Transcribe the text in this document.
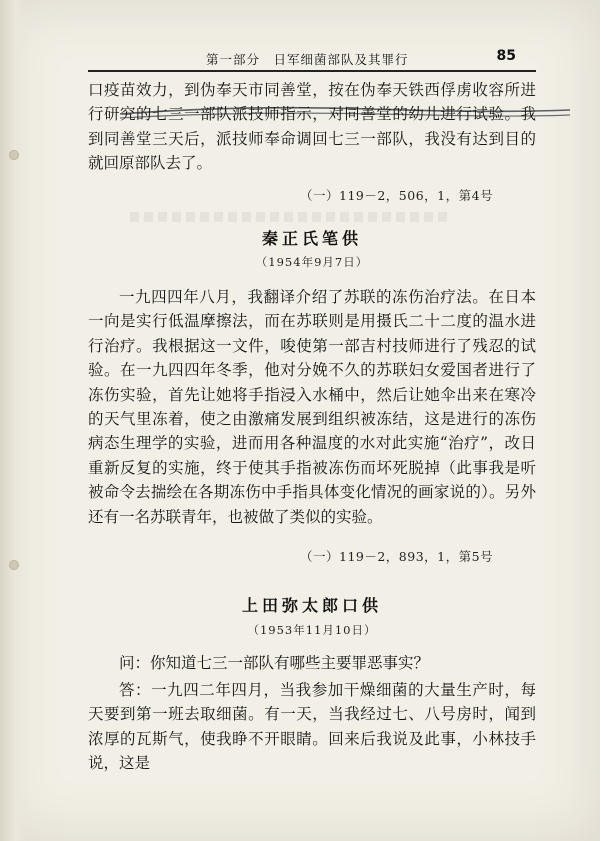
第一部分　日军细菌部队及其罪行	85

口疫苗效力，到伪奉天市同善堂，按在伪奉天铁西俘虏收容所进行研究的七三一部队派技师指示，对同善堂的幼儿进行试验。我到同善堂三天后，派技师奉命调回七三一部队，我没有达到目的就回原部队去了。

（一）119－2，506，1，第4号
秦正氏笔供
（1954年9月7日）

一九四四年八月，我翻译介绍了苏联的冻伤治疗法。在日本一向是实行低温摩擦法，而在苏联则是用摄氏二十二度的温水进行治疗。我根据这一文件，唆使第一部吉村技师进行了残忍的试验。在一九四四年冬季，他对分娩不久的苏联妇女爱国者进行了冻伤实验，首先让她将手指浸入水桶中，然后让她伞出来在寒冷的天气里冻着，使之由激痛发展到组织被冻结，这是进行的冻伤病态生理学的实验，进而用各种温度的水对此实施“治疗”，改日重新反复的实施，终于使其手指被冻伤而坏死脱掉（此事我是听被命令去揣绘在各期冻伤中手指具体变化情况的画家说的）。另外还有一名苏联青年，也被做了类似的实验。

（一）119－2，893，1，第5号
上田弥太郎口供
（1953年11月10日）

问：你知道七三一部队有哪些主要罪恶事实？

答：一九四二年四月，当我参加干燥细菌的大量生产时，每天要到第一班去取细菌。有一天，当我经过七、八号房时，闻到浓厚的瓦斯气，使我睁不开眼睛。回来后我说及此事，小林技手说，这是
